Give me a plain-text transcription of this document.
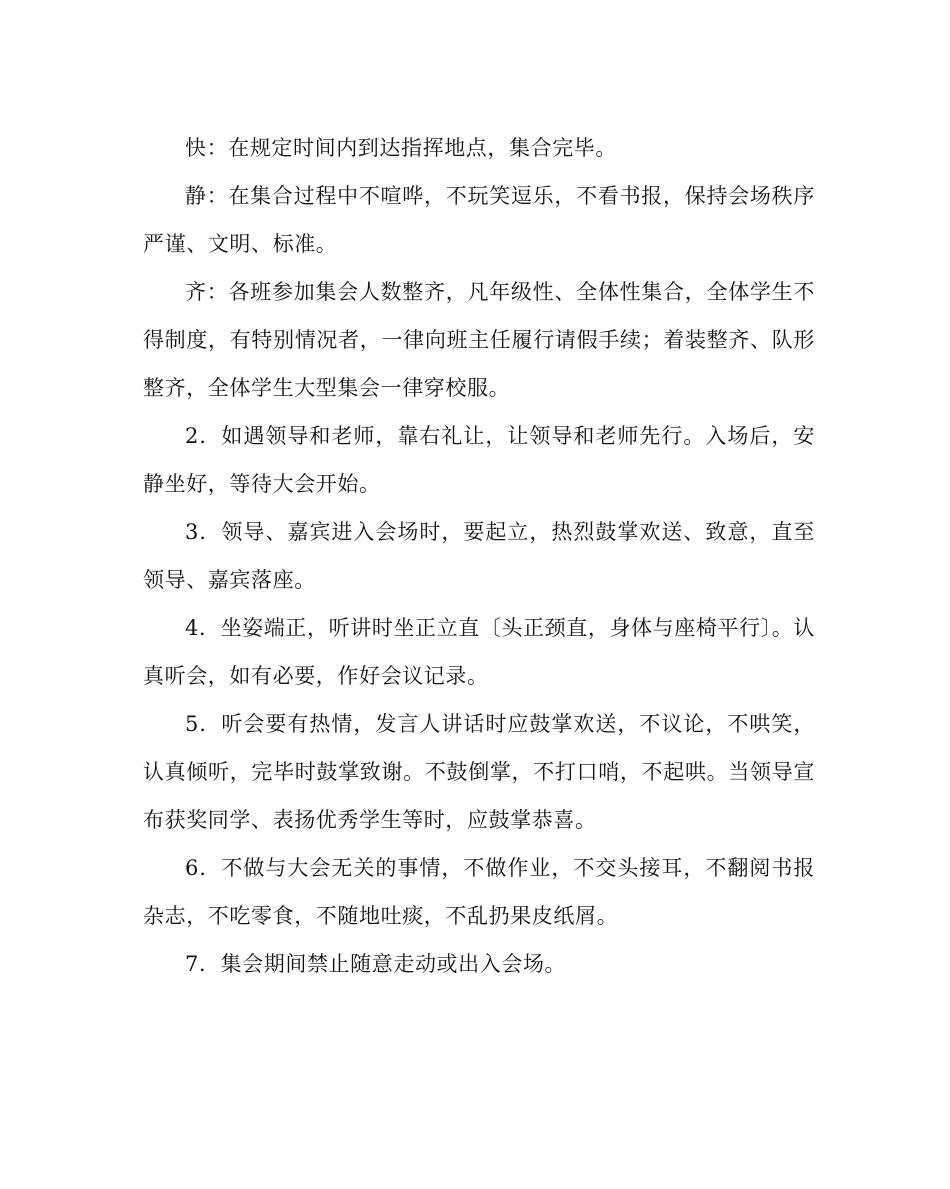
快：在规定时间内到达指挥地点，集合完毕。

静：在集合过程中不喧哗，不玩笑逗乐，不看书报，保持会场秩序严谨、文明、标准。

齐：各班参加集会人数整齐，凡年级性、全体性集合，全体学生不得制度，有特别情况者，一律向班主任履行请假手续；着装整齐、队形整齐，全体学生大型集会一律穿校服。

2．如遇领导和老师，靠右礼让，让领导和老师先行。入场后，安静坐好，等待大会开始。

3．领导、嘉宾进入会场时，要起立，热烈鼓掌欢送、致意，直至领导、嘉宾落座。

4．坐姿端正，听讲时坐正立直〔头正颈直，身体与座椅平行〕。认真听会，如有必要，作好会议记录。

5．听会要有热情，发言人讲话时应鼓掌欢送，不议论，不哄笑，认真倾听，完毕时鼓掌致谢。不鼓倒掌，不打口哨，不起哄。当领导宣布获奖同学、表扬优秀学生等时，应鼓掌恭喜。

6．不做与大会无关的事情，不做作业，不交头接耳，不翻阅书报杂志，不吃零食，不随地吐痰，不乱扔果皮纸屑。

7．集会期间禁止随意走动或出入会场。
